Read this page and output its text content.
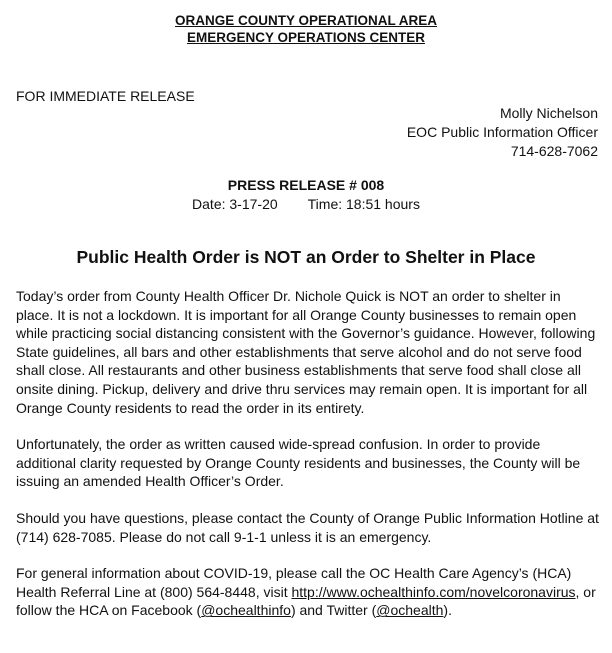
ORANGE COUNTY OPERATIONAL AREA
EMERGENCY OPERATIONS CENTER
FOR IMMEDIATE RELEASE
Molly Nichelson
EOC Public Information Officer
714-628-7062
PRESS RELEASE # 008
Date: 3-17-20 Time: 18:51 hours
Public Health Order is NOT an Order to Shelter in Place

Today’s order from County Health Officer Dr. Nichole Quick is NOT an order to shelter in place. It is not a lockdown. It is important for all Orange County businesses to remain open while practicing social distancing consistent with the Governor’s guidance. However, following State guidelines, all bars and other establishments that serve alcohol and do not serve food shall close. All restaurants and other business establishments that serve food shall close all onsite dining. Pickup, delivery and drive thru services may remain open. It is important for all Orange County residents to read the order in its entirety.

Unfortunately, the order as written caused wide-spread confusion. In order to provide additional clarity requested by Orange County residents and businesses, the County will be issuing an amended Health Officer’s Order.

Should you have questions, please contact the County of Orange Public Information Hotline at (714) 628-7085. Please do not call 9-1-1 unless it is an emergency.

For general information about COVID-19, please call the OC Health Care Agency’s (HCA) Health Referral Line at (800) 564-8448, visit http://www.ochealthinfo.com/novelcoronavirus, or follow the HCA on Facebook (@ochealthinfo) and Twitter (@ochealth).
